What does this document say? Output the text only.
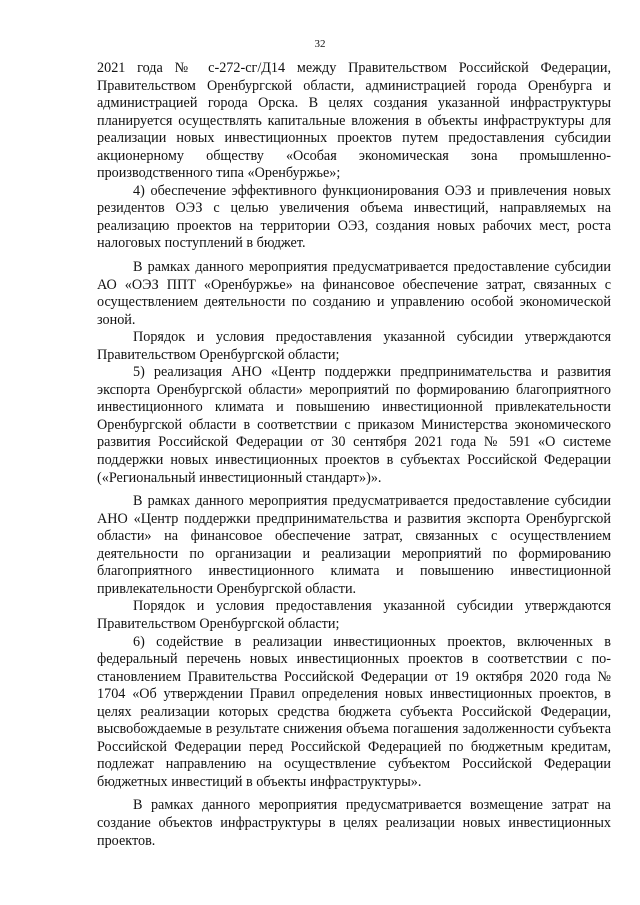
32

2021 года № с-272-сг/Д14 между Правительством Российской Федерации, Правительством Оренбургской области, администрацией города Оренбурга и администрацией города Орска. В целях создания указанной инфраструктуры планируется осуществлять капитальные вложения в объекты инфраструктуры для реализации новых инвестиционных проектов путем предоставления субсидии акционерному обществу «Особая экономическая зона промышленно-производственного типа «Оренбуржье»;

4) обеспечение эффективного функционирования ОЭЗ и привлечения новых резидентов ОЭЗ с целью увеличения объема инвестиций, направляемых на реализацию проектов на территории ОЭЗ, создания новых рабочих мест, роста налоговых поступлений в бюджет.

В рамках данного мероприятия предусматривается предоставление субсидии АО «ОЭЗ ППТ «Оренбуржье» на финансовое обеспечение затрат, связанных с осуществлением деятельности по созданию и управлению особой экономической зоной.

Порядок и условия предоставления указанной субсидии утверждаются Правительством Оренбургской области;

5) реализация АНО «Центр поддержки предпринимательства и развития экспорта Оренбургской области» мероприятий по формированию благоприятного инвестиционного климата и повышению инвестиционной привлекательности Оренбургской области в соответствии с приказом Министерства экономического развития Российской Федерации от 30 сентября 2021 года № 591 «О системе поддержки новых инвестиционных проектов в субъектах Российской Федерации («Региональный инвестиционный стандарт»)».

В рамках данного мероприятия предусматривается предоставление субсидии АНО «Центр поддержки предпринимательства и развития экспорта Оренбургской области» на финансовое обеспечение затрат, связанных с осуществлением деятельности по организации и реализации мероприятий по формированию благоприятного инвестиционного климата и повышению инвестиционной привлекательности Оренбургской области.

Порядок и условия предоставления указанной субсидии утверждаются Правительством Оренбургской области;

6) содействие в реализации инвестиционных проектов, включенных в федеральный перечень новых инвестиционных проектов в соответствии с постановлением Правительства Российской Федерации от 19 октября 2020 года № 1704 «Об утверждении Правил определения новых инвестиционных проектов, в целях реализации которых средства бюджета субъекта Российской Федерации, высвобождаемые в результате снижения объема погашения задолженности субъекта Российской Федерации перед Российской Федерацией по бюджетным кредитам, подлежат направлению на осуществление субъектом Российской Федерации бюджетных инвестиций в объекты инфраструктуры».

В рамках данного мероприятия предусматривается возмещение затрат на создание объектов инфраструктуры в целях реализации новых инвестиционных проектов.
